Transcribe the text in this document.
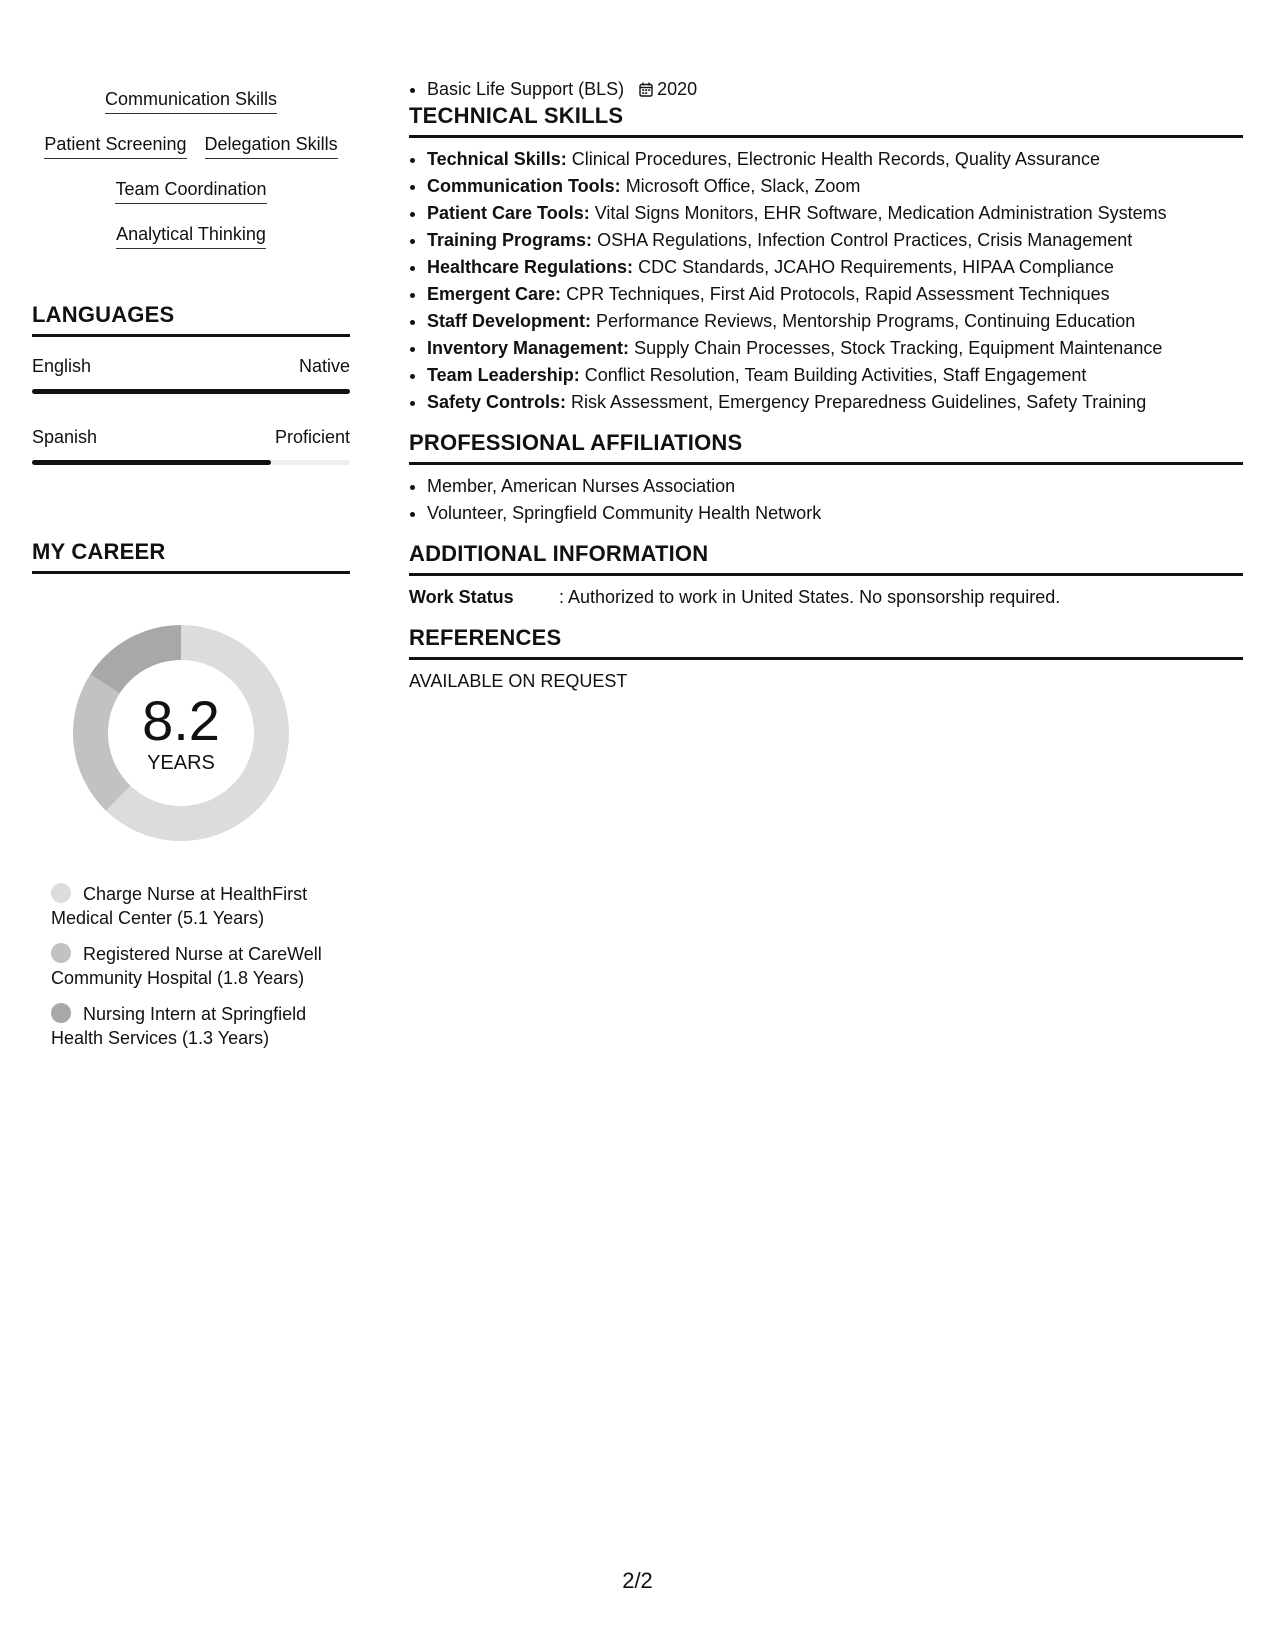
Communication Skills
Patient Screening Delegation Skills
Team Coordination
Analytical Thinking
LANGUAGES
English	Native
Spanish	Proficient
MY CAREER
8.2
YEARS
Charge Nurse at HealthFirst Medical Center (5.1 Years)
Registered Nurse at CareWell Community Hospital (1.8 Years)
Nursing Intern at Springfield Health Services (1.3 Years)
• Basic Life Support (BLS) 2020
TECHNICAL SKILLS
• Technical Skills: Clinical Procedures, Electronic Health Records, Quality Assurance
• Communication Tools: Microsoft Office, Slack, Zoom
• Patient Care Tools: Vital Signs Monitors, EHR Software, Medication Administration Systems
• Training Programs: OSHA Regulations, Infection Control Practices, Crisis Management
• Healthcare Regulations: CDC Standards, JCAHO Requirements, HIPAA Compliance
• Emergent Care: CPR Techniques, First Aid Protocols, Rapid Assessment Techniques
• Staff Development: Performance Reviews, Mentorship Programs, Continuing Education
• Inventory Management: Supply Chain Processes, Stock Tracking, Equipment Maintenance
• Team Leadership: Conflict Resolution, Team Building Activities, Staff Engagement
• Safety Controls: Risk Assessment, Emergency Preparedness Guidelines, Safety Training
PROFESSIONAL AFFILIATIONS
• Member, American Nurses Association
• Volunteer, Springfield Community Health Network
ADDITIONAL INFORMATION
Work Status	: Authorized to work in United States. No sponsorship required.
REFERENCES
AVAILABLE ON REQUEST
2/2
